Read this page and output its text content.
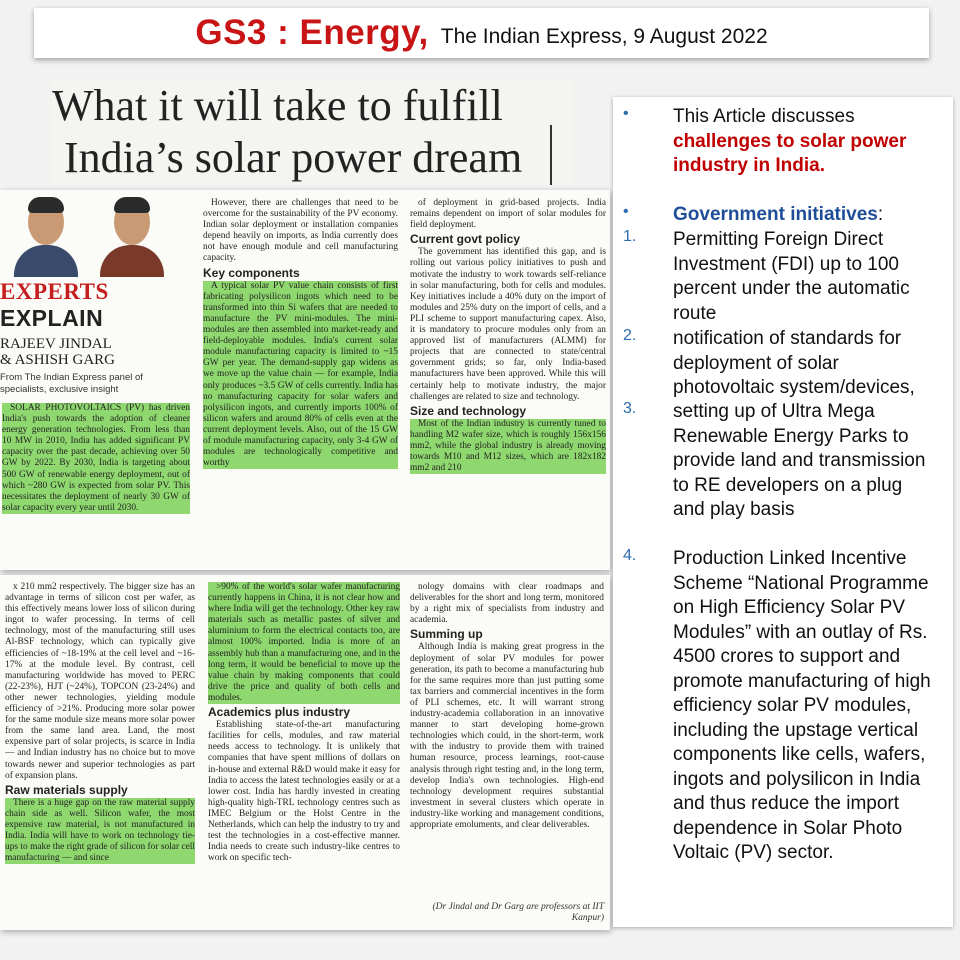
GS3 : Energy, The Indian Express, 9 August 2022
What it will take to fulfill
India’s solar power dream
EXPERTS EXPLAIN
RAJEEV JINDAL
& ASHISH GARG
From The Indian Express panel of specialists, exclusive insight

SOLAR PHOTOVOLTAICS (PV) has driven India's push towards the adoption of cleaner energy generation technologies. From less than 10 MW in 2010, India has added significant PV capacity over the past decade, achieving over 50 GW by 2022. By 2030, India is targeting about 500 GW of renewable energy deployment, out of which ~280 GW is expected from solar PV. This necessitates the deployment of nearly 30 GW of solar capacity every year until 2030.

However, there are challenges that need to be overcome for the sustainability of the PV economy. Indian solar deployment or installation companies depend heavily on imports, as India currently does not have enough module and cell manufacturing capacity.

Key components

A typical solar PV value chain consists of first fabricating polysilicon ingots which need to be transformed into thin Si wafers that are needed to manufacture the PV mini-modules. The mini-modules are then assembled into market-ready and field-deployable modules. India's current solar module manufacturing capacity is limited to ~15 GW per year. The demand-supply gap widens as we move up the value chain — for example, India only produces ~3.5 GW of cells currently. India has no manufacturing capacity for solar wafers and polysilicon ingots, and currently imports 100% of silicon wafers and around 80% of cells even at the current deployment levels. Also, out of the 15 GW of module manufacturing capacity, only 3-4 GW of modules are technologically competitive and worthy

of deployment in grid-based projects. India remains dependent on import of solar modules for field deployment.

Current govt policy

The government has identified this gap, and is rolling out various policy initiatives to push and motivate the industry to work towards self-reliance in solar manufacturing, both for cells and modules. Key initiatives include a 40% duty on the import of modules and 25% duty on the import of cells, and a PLI scheme to support manufacturing capex. Also, it is mandatory to procure modules only from an approved list of manufacturers (ALMM) for projects that are connected to state/central government grids; so far, only India-based manufacturers have been approved. While this will certainly help to motivate industry, the major challenges are related to size and technology.

Size and technology

Most of the Indian industry is currently tuned to handling M2 wafer size, which is roughly 156x156 mm2, while the global industry is already moving towards M10 and M12 sizes, which are 182x182 mm2 and 210

x 210 mm2 respectively. The bigger size has an advantage in terms of silicon cost per wafer, as this effectively means lower loss of silicon during ingot to wafer processing. In terms of cell technology, most of the manufacturing still uses Al-BSF technology, which can typically give efficiencies of ~18-19% at the cell level and ~16-17% at the module level. By contrast, cell manufacturing worldwide has moved to PERC (22-23%), HJT (~24%), TOPCON (23-24%) and other newer technologies, yielding module efficiency of >21%. Producing more solar power for the same module size means more solar power from the same land area. Land, the most expensive part of solar projects, is scarce in India — and Indian industry has no choice but to move towards newer and superior technologies as part of expansion plans.

Raw materials supply

There is a huge gap on the raw material supply chain side as well. Silicon wafer, the most expensive raw material, is not manufactured in India. India will have to work on technology tie-ups to make the right grade of silicon for solar cell manufacturing — and since

>90% of the world's solar wafer manufacturing currently happens in China, it is not clear how and where India will get the technology. Other key raw materials such as metallic pastes of silver and aluminium to form the electrical contacts too, are almost 100% imported. India is more of an assembly hub than a manufacturing one, and in the long term, it would be beneficial to move up the value chain by making components that could drive the price and quality of both cells and modules.

Academics plus industry

Establishing state-of-the-art manufacturing facilities for cells, modules, and raw material needs access to technology. It is unlikely that companies that have spent millions of dollars on in-house and external R&D would make it easy for India to access the latest technologies easily or at a lower cost. India has hardly invested in creating high-quality high-TRL technology centres such as IMEC Belgium or the Holst Centre in the Netherlands, which can help the industry to try and test the technologies in a cost-effective manner. India needs to create such industry-like centres to work on specific tech-

nology domains with clear roadmaps and deliverables for the short and long term, monitored by a right mix of specialists from industry and academia.

Summing up

Although India is making great progress in the deployment of solar PV modules for power generation, its path to become a manufacturing hub for the same requires more than just putting some tax barriers and commercial incentives in the form of PLI schemes, etc. It will warrant strong industry-academia collaboration in an innovative manner to start developing home-grown technologies which could, in the short-term, work with the industry to provide them with trained human resource, process learnings, root-cause analysis through right testing and, in the long term, develop India's own technologies. High-end technology development requires substantial investment in several clusters which operate in industry-like working and management conditions, appropriate emoluments, and clear deliverables.

(Dr Jindal and Dr Garg are professors at IIT Kanpur)
• This Article discusses challenges to solar power industry in India.
• Government initiatives:
1. Permitting Foreign Direct Investment (FDI) up to 100 percent under the automatic route
2. notification of standards for deployment of solar photovoltaic system/devices,
3. setting up of Ultra Mega Renewable Energy Parks to provide land and transmission to RE developers on a plug and play basis
4. Production Linked Incentive Scheme “National Programme on High Efficiency Solar PV Modules” with an outlay of Rs. 4500 crores to support and promote manufacturing of high efficiency solar PV modules, including the upstage vertical components like cells, wafers, ingots and polysilicon in India and thus reduce the import dependence in Solar Photo Voltaic (PV) sector.
